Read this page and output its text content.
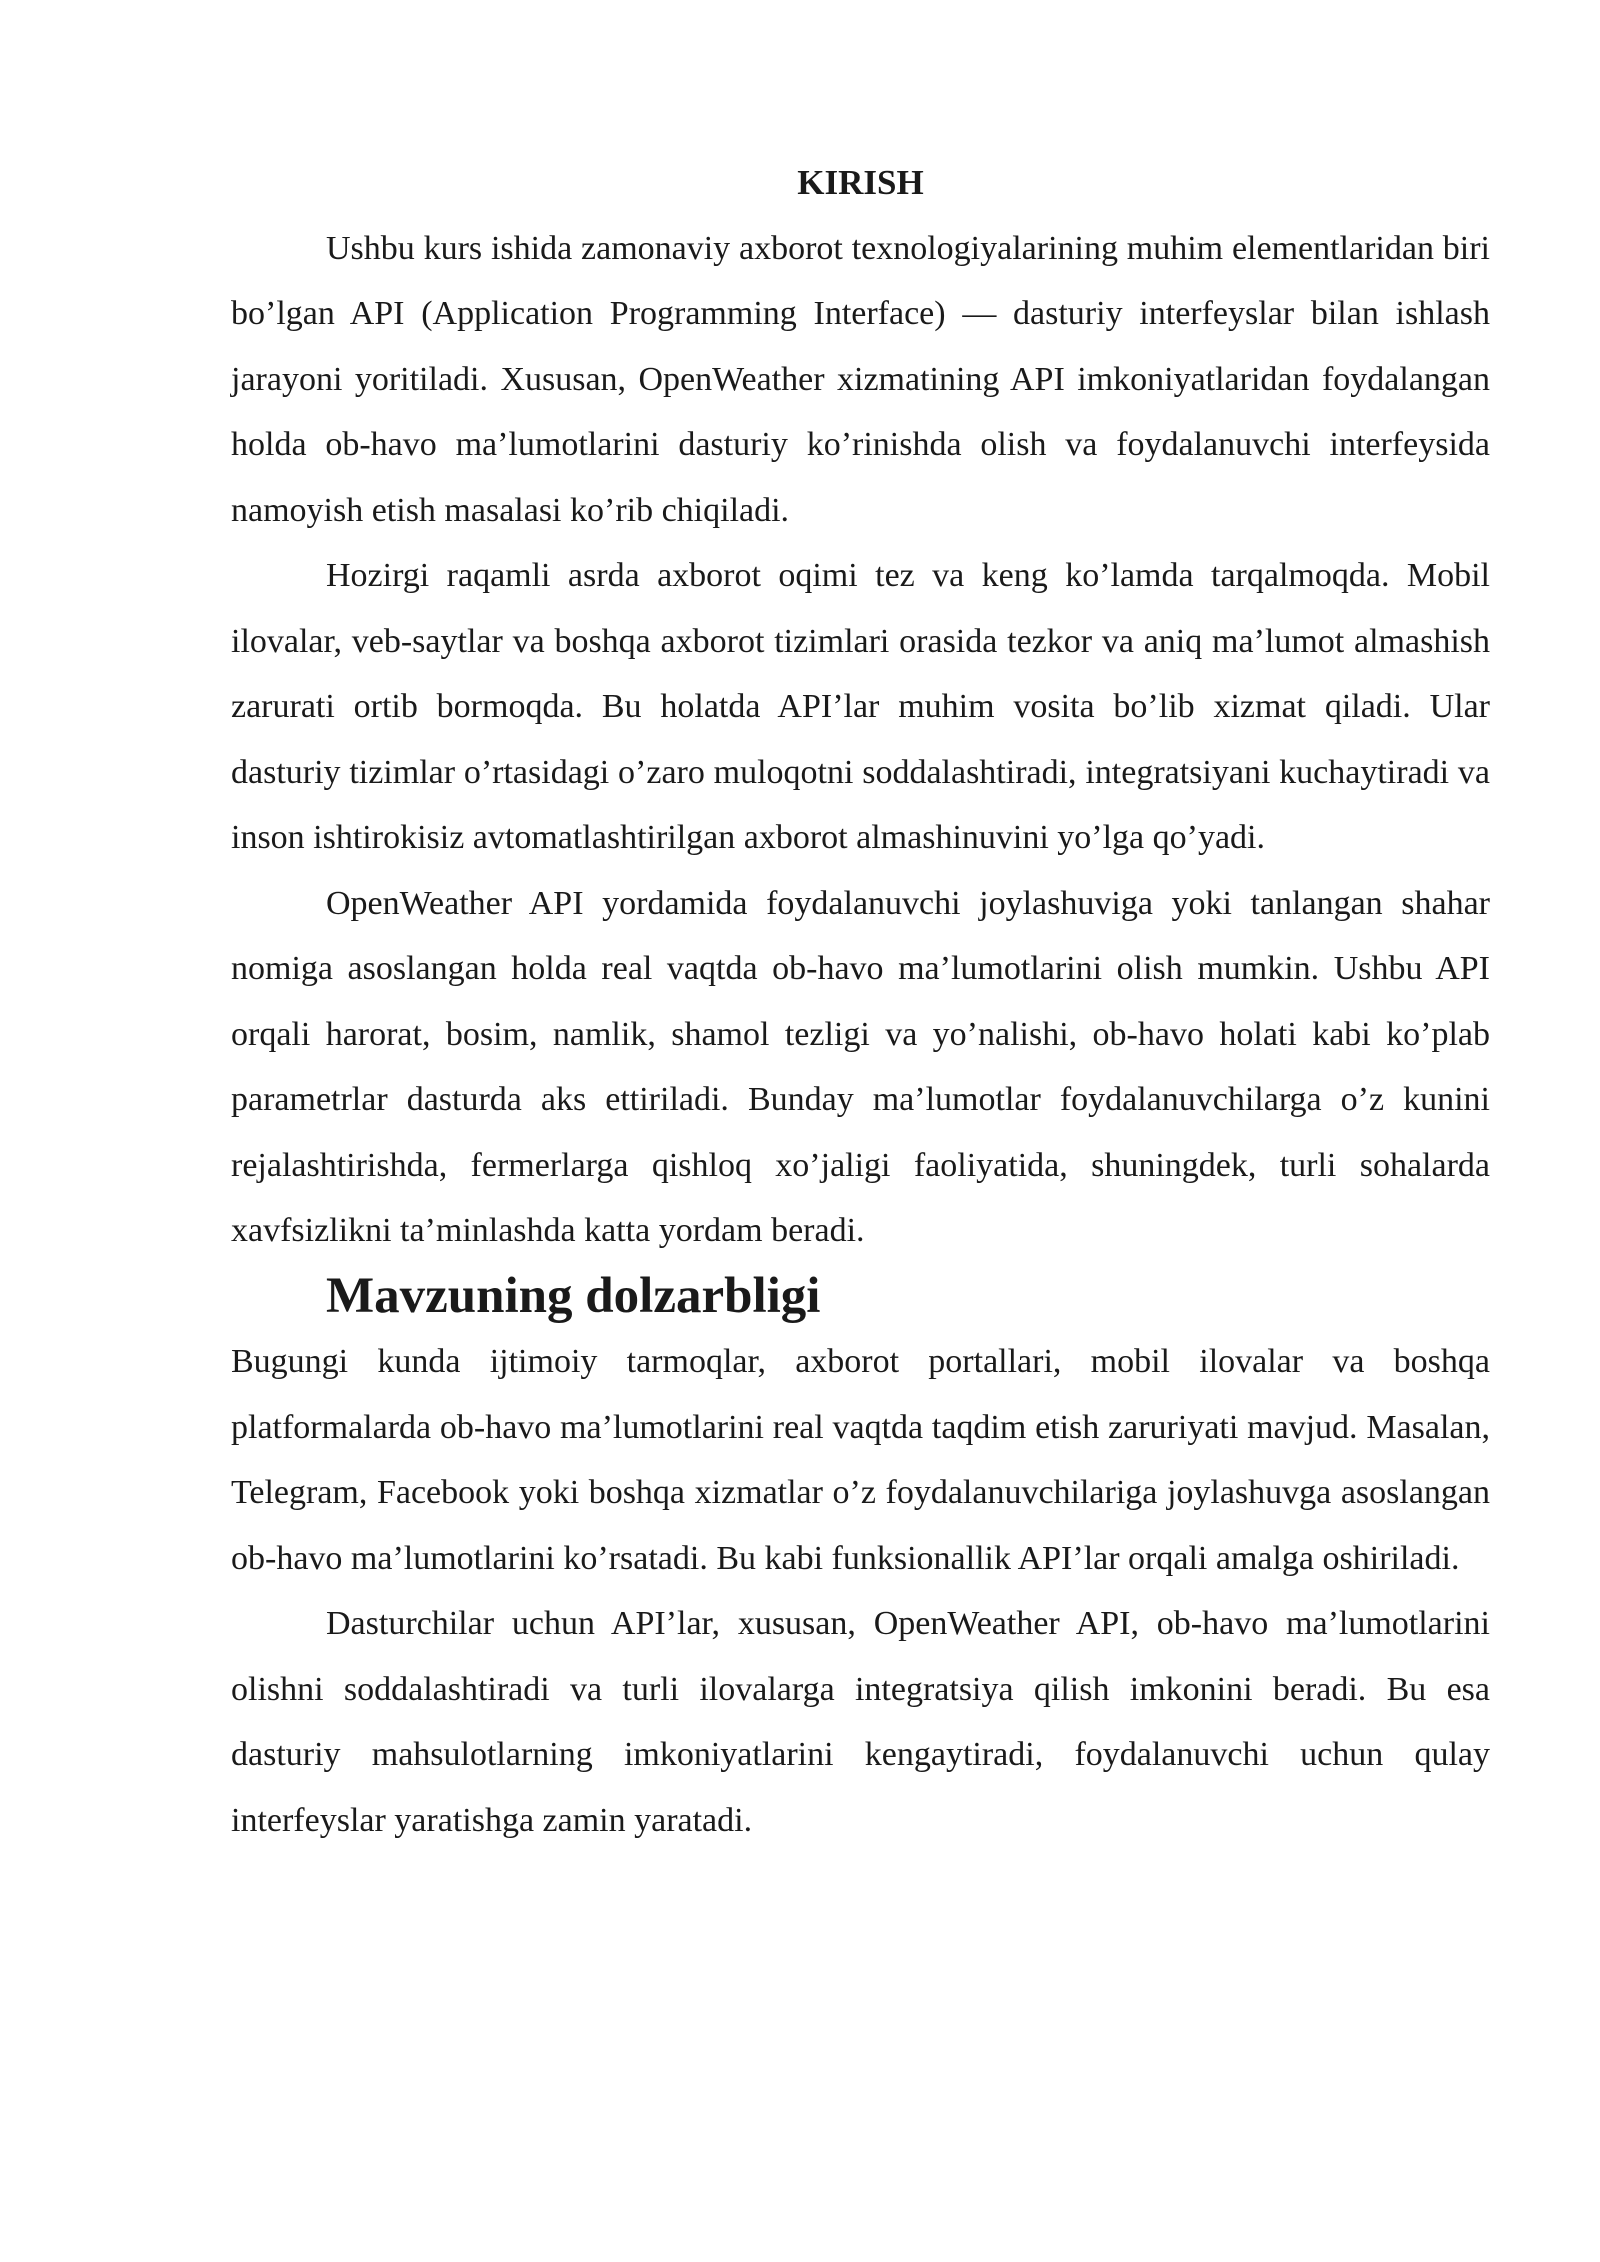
KIRISH

Ushbu kurs ishida zamonaviy axborot texnologiyalarining muhim elementlaridan biri bo’lgan API (Application Programming Interface) — dasturiy interfeyslar bilan ishlash jarayoni yoritiladi. Xususan, OpenWeather xizmatining API imkoniyatlaridan foydalangan holda ob-havo ma’lumotlarini dasturiy ko’rinishda olish va foydalanuvchi interfeysida namoyish etish masalasi ko’rib chiqiladi.

Hozirgi raqamli asrda axborot oqimi tez va keng ko’lamda tarqalmoqda. Mobil ilovalar, veb-saytlar va boshqa axborot tizimlari orasida tezkor va aniq ma’lumot almashish zarurati ortib bormoqda. Bu holatda API’lar muhim vosita bo’lib xizmat qiladi. Ular dasturiy tizimlar o’rtasidagi o’zaro muloqotni soddalashtiradi, integratsiyani kuchaytiradi va inson ishtirokisiz avtomatlashtirilgan axborot almashinuvini yo’lga qo’yadi.

OpenWeather API yordamida foydalanuvchi joylashuviga yoki tanlangan shahar nomiga asoslangan holda real vaqtda ob-havo ma’lumotlarini olish mumkin. Ushbu API orqali harorat, bosim, namlik, shamol tezligi va yo’nalishi, ob-havo holati kabi ko’plab parametrlar dasturda aks ettiriladi. Bunday ma’lumotlar foydalanuvchilarga o’z kunini rejalashtirishda, fermerlarga qishloq xo’jaligi faoliyatida, shuningdek, turli sohalarda xavfsizlikni ta’minlashda katta yordam beradi.

Mavzuning dolzarbligi

Bugungi kunda ijtimoiy tarmoqlar, axborot portallari, mobil ilovalar va boshqa platformalarda ob-havo ma’lumotlarini real vaqtda taqdim etish zaruriyati mavjud. Masalan, Telegram, Facebook yoki boshqa xizmatlar o’z foydalanuvchilariga joylashuvga asoslangan ob-havo ma’lumotlarini ko’rsatadi. Bu kabi funksionallik API’lar orqali amalga oshiriladi.

Dasturchilar uchun API’lar, xususan, OpenWeather API, ob-havo ma’lumotlarini olishni soddalashtiradi va turli ilovalarga integratsiya qilish imkonini beradi. Bu esa dasturiy mahsulotlarning imkoniyatlarini kengaytiradi, foydalanuvchi uchun qulay interfeyslar yaratishga zamin yaratadi.
